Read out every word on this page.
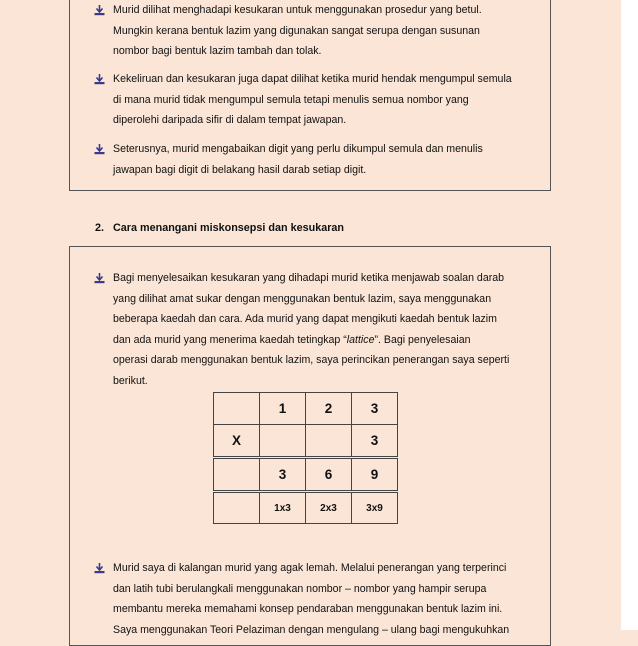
Murid dilihat menghadapi kesukaran untuk menggunakan prosedur yang betul.

Mungkin kerana bentuk lazim yang digunakan sangat serupa dengan susunan

nombor bagi bentuk lazim tambah dan tolak.

Kekeliruan dan kesukaran juga dapat dilihat ketika murid hendak mengumpul semula

di mana murid tidak mengumpul semula tetapi menulis semua nombor yang

diperolehi daripada sifir di dalam tempat jawapan.

Seterusnya, murid mengabaikan digit yang perlu dikumpul semula dan menulis

jawapan bagi digit di belakang hasil darab setiap digit.

2. Cara menangani miskonsepsi dan kesukaran

Bagi menyelesaikan kesukaran yang dihadapi murid ketika menjawab soalan darab

yang dilihat amat sukar dengan menggunakan bentuk lazim, saya menggunakan

beberapa kaedah dan cara. Ada murid yang dapat mengikuti kaedah bentuk lazim

dan ada murid yang menerima kaedah tetingkap “lattice”. Bagi penyelesaian

operasi darab menggunakan bentuk lazim, saya perincikan penerangan saya seperti

berikut.

	1	2	3
X			3
	3	6	9
	1x3	2x3	3x9

Murid saya di kalangan murid yang agak lemah. Melalui penerangan yang terperinci

dan latih tubi berulangkali menggunakan nombor – nombor yang hampir serupa

membantu mereka memahami konsep pendaraban menggunakan bentuk lazim ini.

Saya menggunakan Teori Pelaziman dengan mengulang – ulang bagi mengukuhkan
